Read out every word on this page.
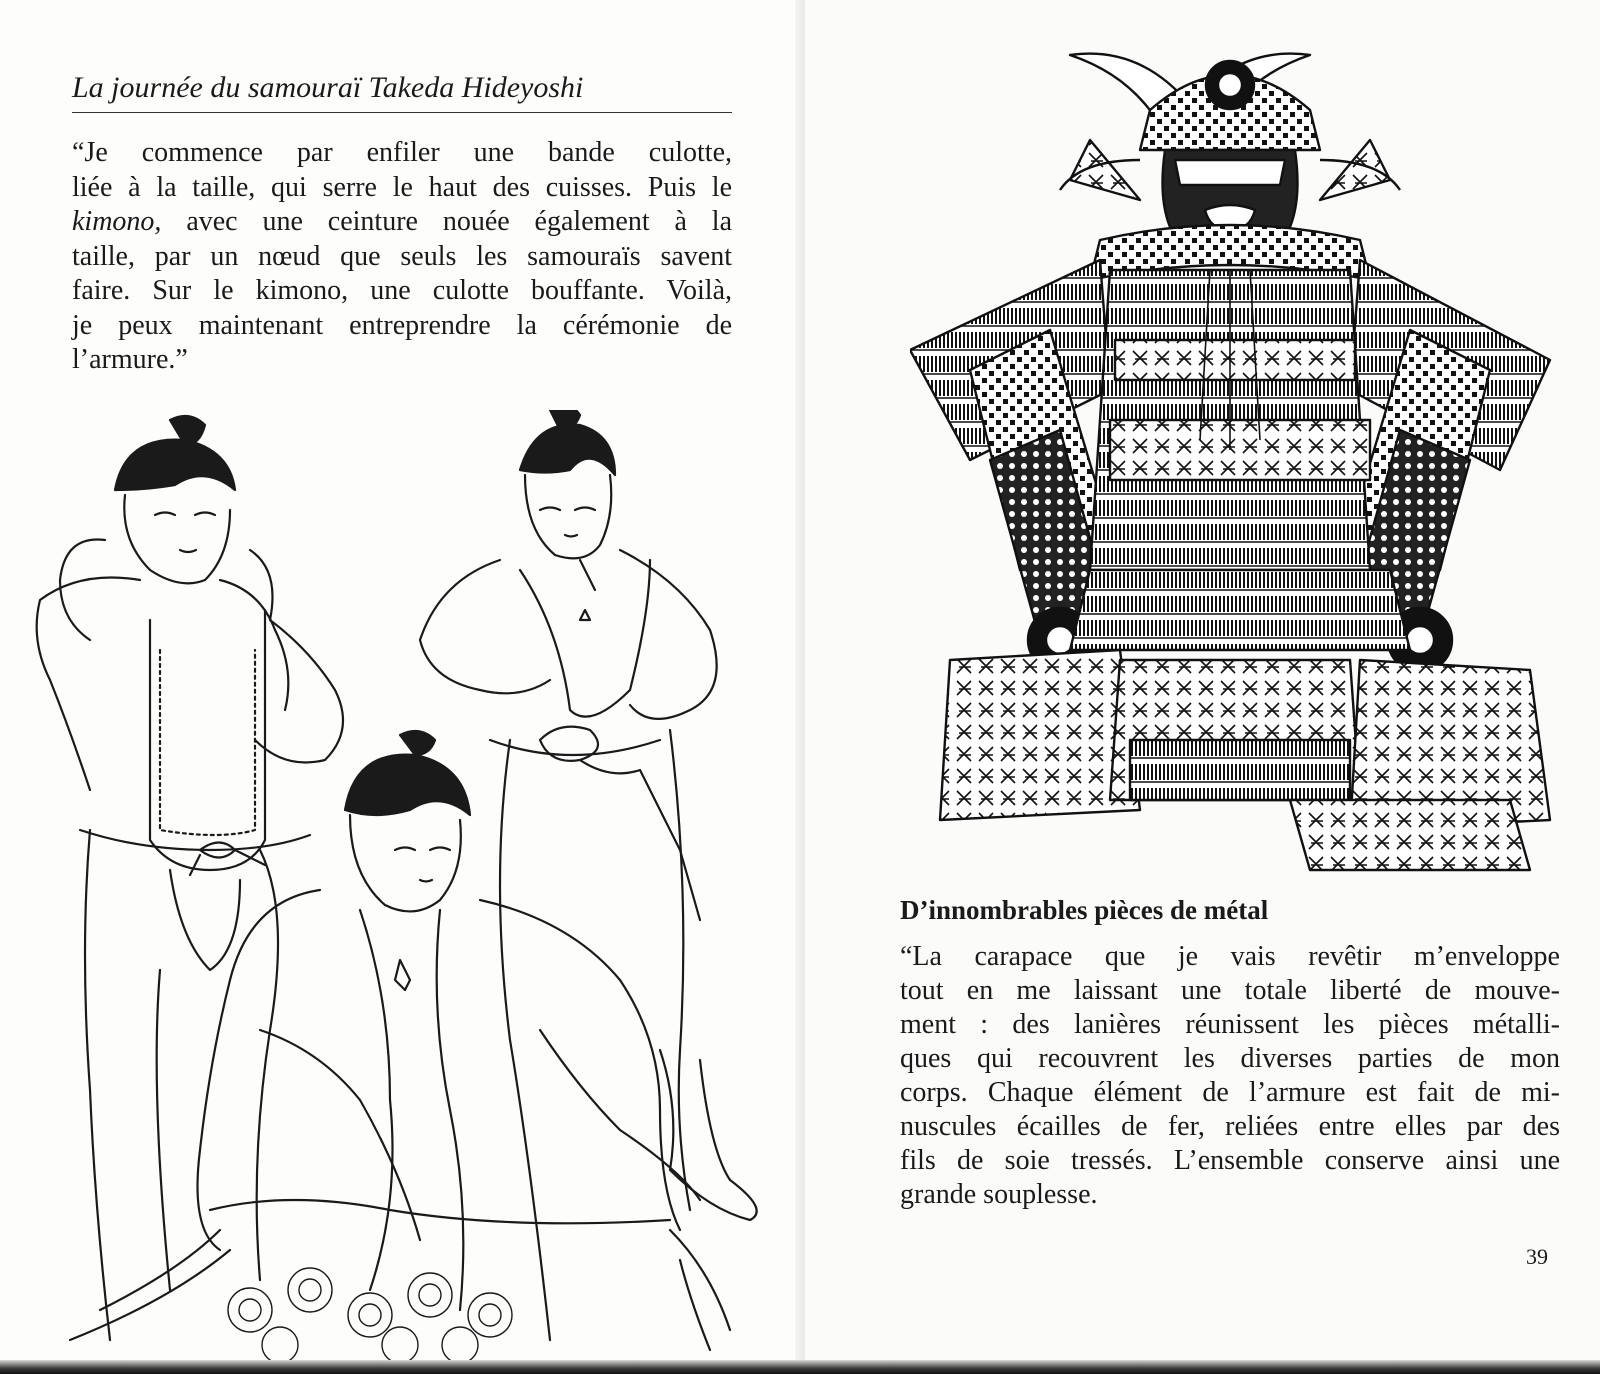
La journée du samouraï Takeda Hideyoshi
“Je commence par enfiler une bande culotte,
liée à la taille, qui serre le haut des cuisses. Puis le
kimono, avec une ceinture nouée également à la
taille, par un nœud que seuls les samouraïs savent
faire. Sur le kimono, une culotte bouffante. Voilà,
je peux maintenant entreprendre la cérémonie de
l’armure.”
D’innombrables pièces de métal
“La carapace que je vais revêtir m’enveloppe
tout en me laissant une totale liberté de mouve-
ment : des lanières réunissent les pièces métalli-
ques qui recouvrent les diverses parties de mon
corps. Chaque élément de l’armure est fait de mi-
nuscules écailles de fer, reliées entre elles par des
fils de soie tressés. L’ensemble conserve ainsi une
grande souplesse.
39
